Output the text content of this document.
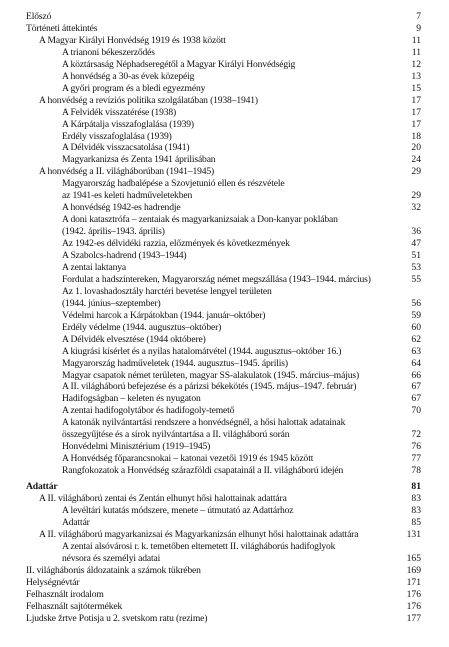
Előszó	7
Történeti áttekintés	9
A Magyar Királyi Honvédség 1919 és 1938 között	11
A trianoni békeszerződés	11
A köztársaság Néphadseregétől a Magyar Királyi Honvédségig	12
A honvédség a 30-as évek közepéig	13
A győri program és a bledi egyezmény	15
A honvédség a revíziós politika szolgálatában (1938–1941)	17
A Felvidék visszatérése (1938)	17
A Kárpátalja visszafoglalása (1939)	17
Erdély visszafoglalása (1939)	18
A Délvidék visszacsatolása (1941)	20
Magyarkanizsa és Zenta 1941 áprilisában	24
A honvédség a II. világháborúban (1941–1945)	29
Magyarország hadbalépése a Szovjetunió ellen és részvétele
az 1941-es keleti hadműveletekben	29
A honvédség 1942-es hadrendje	32
A doni katasztrófa – zentaiak és magyarkanizsaiak a Don-kanyar poklában
(1942. április–1943. április)	36
Az 1942-es délvidéki razzia, előzmények és következmények	47
A Szabolcs-hadrend (1943–1944)	51
A zentai laktanya	53
Fordulat a hadszíntereken, Magyarország német megszállása (1943–1944. március)	55
Az 1. lovashadosztály harctéri bevetése lengyel területen
(1944. június–szeptember)	56
Védelmi harcok a Kárpátokban (1944. január–október)	59
Erdély védelme (1944. augusztus–október)	60
A Délvidék elvesztése (1944 októbere)	62
A kiugrási kísérlet és a nyilas hatalomátvétel (1944. augusztus–október 16.)	63
Magyarország hadműveletek (1944. augusztus–1945. április)	64
Magyar csapatok német területen, magyar SS-alakulatok (1945. március–május)	66
A II. világháború befejezése és a párizsi békekötés (1945. május–1947. február)	67
Hadifogságban – keleten és nyugaton	67
A zentai hadifogolytábor és hadifogoly-temető	70
A katonák nyilvántartási rendszere a honvédségnél, a hősi halottak adatainak
összegyűjtése és a sírok nyilvántartása a II. világháború során	72
Honvédelmi Minisztérium (1919–1945)	76
A Honvédség főparancsnokai – katonai vezetői 1919 és 1945 között	77
Rangfokozatok a Honvédség szárazföldi csapatainál a II. világháború idején	78
Adattár	81
A II. világháború zentai és Zentán elhunyt hősi halottainak adattára	83
A levéltári kutatás módszere, menete – útmutató az Adattárhoz	83
Adattár	85
A II. világháború magyarkanizsai és Magyarkanizsán elhunyt hősi halottainak adattára	131
A zentai alsóvárosi r. k. temetőben eltemetett II. világháborús hadifoglyok
névsora és személyi adatai	165
II. világháborús áldozataink a számok tükrében	169
Helységnévtár	171
Felhasznált irodalom	176
Felhasznált sajtótermékek	176
Ljudske žrtve Potisja u 2. svetskom ratu (rezime)	177
